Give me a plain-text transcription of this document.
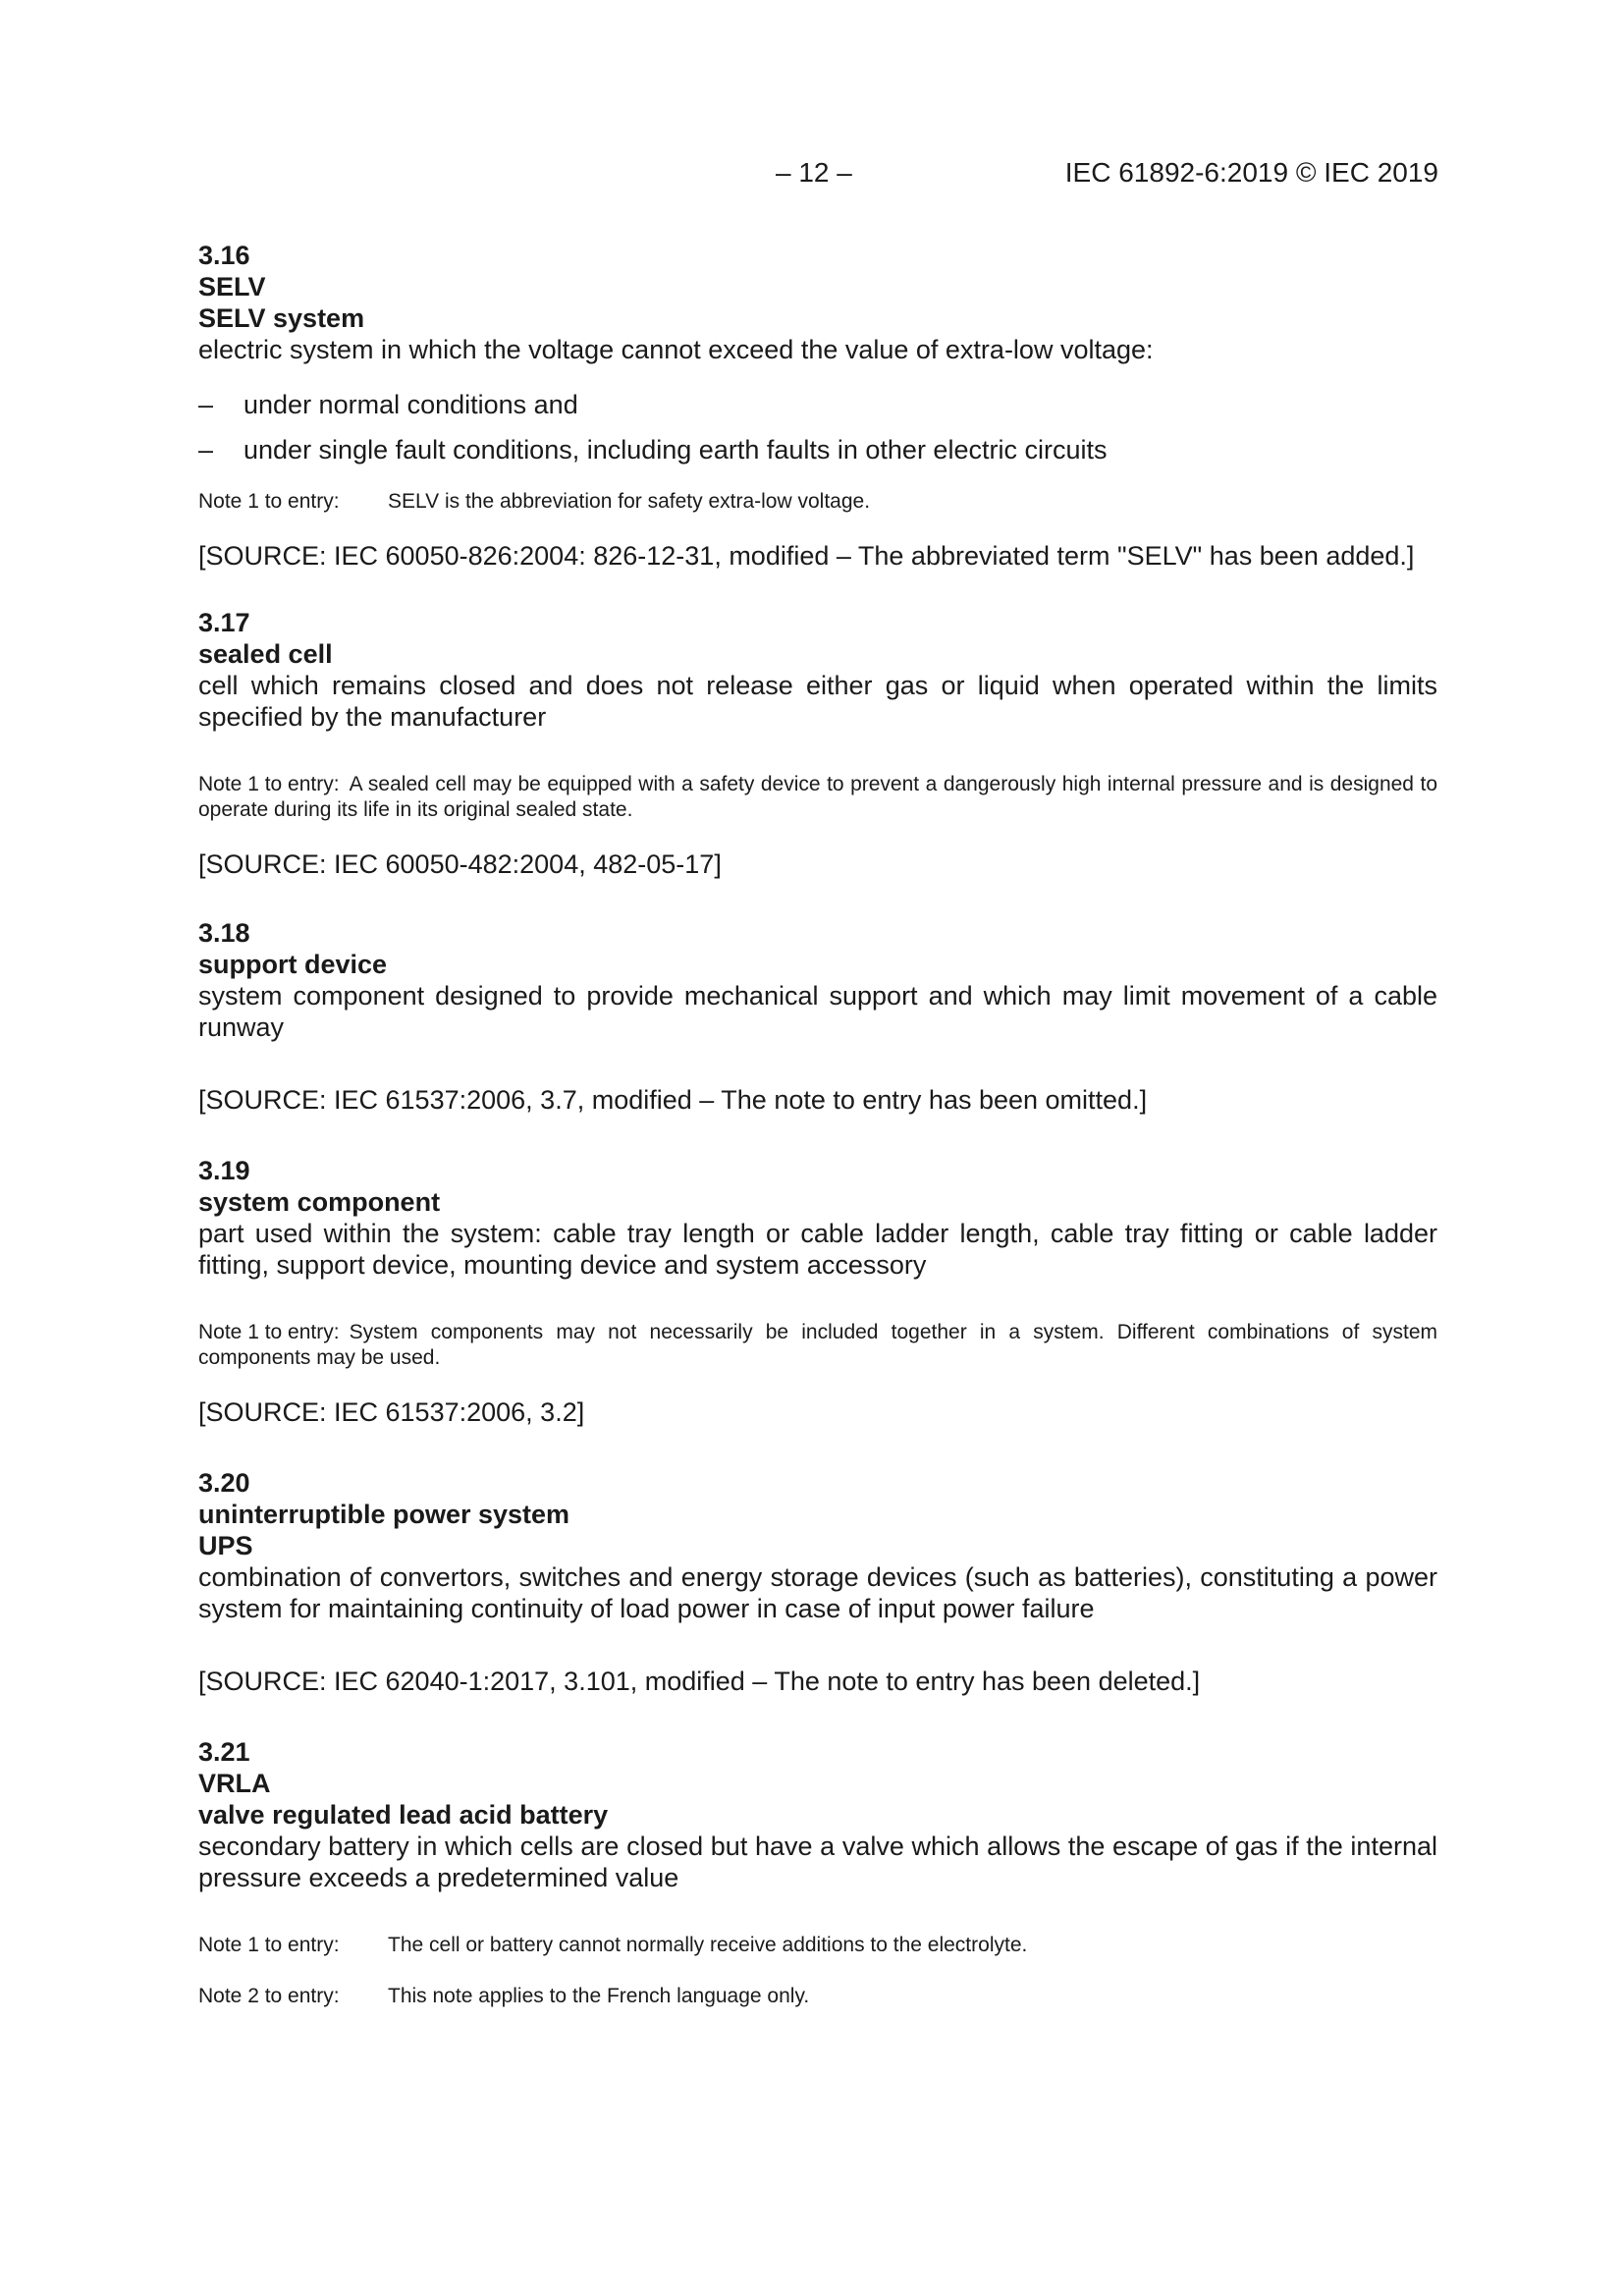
– 12 –	IEC 61892-6:2019 © IEC 2019

3.16

SELV

SELV system

electric system in which the voltage cannot exceed the value of extra-low voltage:

– under normal conditions and
– under single fault conditions, including earth faults in other electric circuits

Note 1 to entry: SELV is the abbreviation for safety extra-low voltage.

[SOURCE: IEC 60050-826:2004: 826-12-31, modified – The abbreviated term "SELV" has been added.]

3.17

sealed cell

cell which remains closed and does not release either gas or liquid when operated within the limits specified by the manufacturer

Note 1 to entry: A sealed cell may be equipped with a safety device to prevent a dangerously high internal pressure and is designed to operate during its life in its original sealed state.

[SOURCE: IEC 60050-482:2004, 482-05-17]

3.18

support device

system component designed to provide mechanical support and which may limit movement of a cable runway

[SOURCE: IEC 61537:2006, 3.7, modified – The note to entry has been omitted.]

3.19

system component

part used within the system: cable tray length or cable ladder length, cable tray fitting or cable ladder fitting, support device, mounting device and system accessory

Note 1 to entry: System components may not necessarily be included together in a system. Different combinations of system components may be used.

[SOURCE: IEC 61537:2006, 3.2]

3.20

uninterruptible power system

UPS

combination of convertors, switches and energy storage devices (such as batteries), constituting a power system for maintaining continuity of load power in case of input power failure

[SOURCE: IEC 62040-1:2017, 3.101, modified – The note to entry has been deleted.]

3.21

VRLA

valve regulated lead acid battery

secondary battery in which cells are closed but have a valve which allows the escape of gas if the internal pressure exceeds a predetermined value

Note 1 to entry: The cell or battery cannot normally receive additions to the electrolyte.

Note 2 to entry: This note applies to the French language only.
